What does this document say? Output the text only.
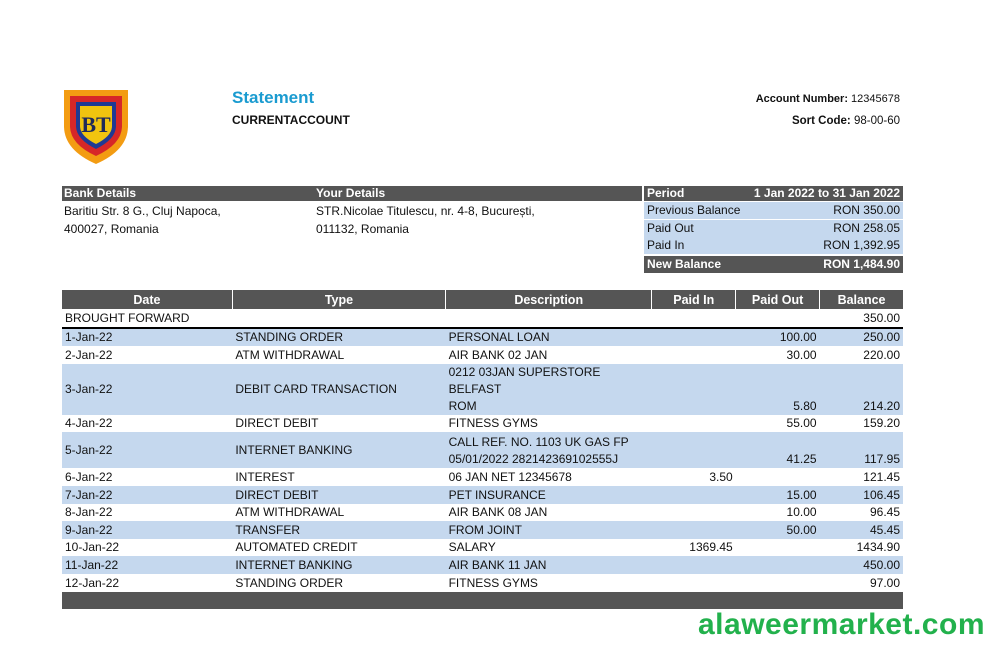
BT
Statement
CURRENTACCOUNT
Account Number: 12345678
Sort Code: 98-00-60
Bank Details	Your Details
Baritiu Str. 8 G., Cluj Napoca,
400027, Romania
STR.Nicolae Titulescu, nr. 4-8, București,
011132, Romania
Period	1 Jan 2022 to 31 Jan 2022
Previous Balance	RON 350.00
Paid Out	RON 258.05
Paid In	RON 1,392.95
New Balance	RON 1,484.90
Date	Type	Description	Paid In	Paid Out	Balance
BROUGHT FORWARD					350.00
1-Jan-22	STANDING ORDER	PERSONAL LOAN		100.00	250.00
2-Jan-22	ATM WITHDRAWAL	AIR BANK 02 JAN		30.00	220.00
3-Jan-22	DEBIT CARD TRANSACTION	0212 03JAN SUPERSTORE BELFAST
ROM		5.80	214.20
4-Jan-22	DIRECT DEBIT	FITNESS GYMS		55.00	159.20
5-Jan-22	INTERNET BANKING	CALL REF. NO. 1103 UK GAS FP
05/01/2022 282142369102555J		41.25	117.95
6-Jan-22	INTEREST	06 JAN NET 12345678	3.50		121.45
7-Jan-22	DIRECT DEBIT	PET INSURANCE		15.00	106.45
8-Jan-22	ATM WITHDRAWAL	AIR BANK 08 JAN		10.00	96.45
9-Jan-22	TRANSFER	FROM JOINT		50.00	45.45
10-Jan-22	AUTOMATED CREDIT	SALARY	1369.45		1434.90
11-Jan-22	INTERNET BANKING	AIR BANK 11 JAN			450.00
12-Jan-22	STANDING ORDER	FITNESS GYMS			97.00

alaweermarket.com
